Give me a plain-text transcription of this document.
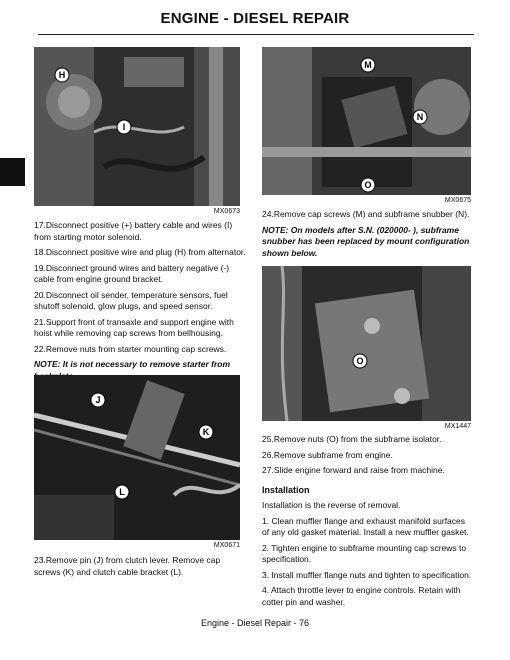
ENGINE - DIESEL REPAIR
H
I
MX0673
M
N
O
MX0675

17.Disconnect positive (+) battery cable and wires (I) from starting motor solenoid.

18.Disconnect positive wire and plug (H) from alternator.

19.Disconnect ground wires and battery negative (-) cable from engine ground bracket.

20.Disconnect oil sender, temperature sensors, fuel shutoff solenoid, glow plugs, and speed sensor.

21.Support front of transaxle and support engine with hoist while removing cap screws from bellhousing.

22.Remove nuts from starter mounting cap screws.

NOTE: It is not necessary to remove starter from

J
K
L
MX0671
23.Remove pin (J) from clutch lever. Remove cap screws (K) and clutch cable bracket (L).

24.Remove cap screws (M) and subframe snubber (N).

NOTE: On models after S.N. (020000- ), subframe snubber has been replaced by mount configuration shown below.

O
MX1447

25.Remove nuts (O) from the subframe isolator.

26.Remove subframe from engine.

27.Slide engine forward and raise from machine.

Installation

Installation is the reverse of removal.

1. Clean muffler flange and exhaust manifold surfaces of any old gasket material. Install a new muffler gasket.

2. Tighten engine to subframe mounting cap screws to specification.

3. Install muffler flange nuts and tighten to specification.

4. Attach throttle lever to engine controls. Retain with cotter pin and washer.

Engine - Diesel Repair - 76
